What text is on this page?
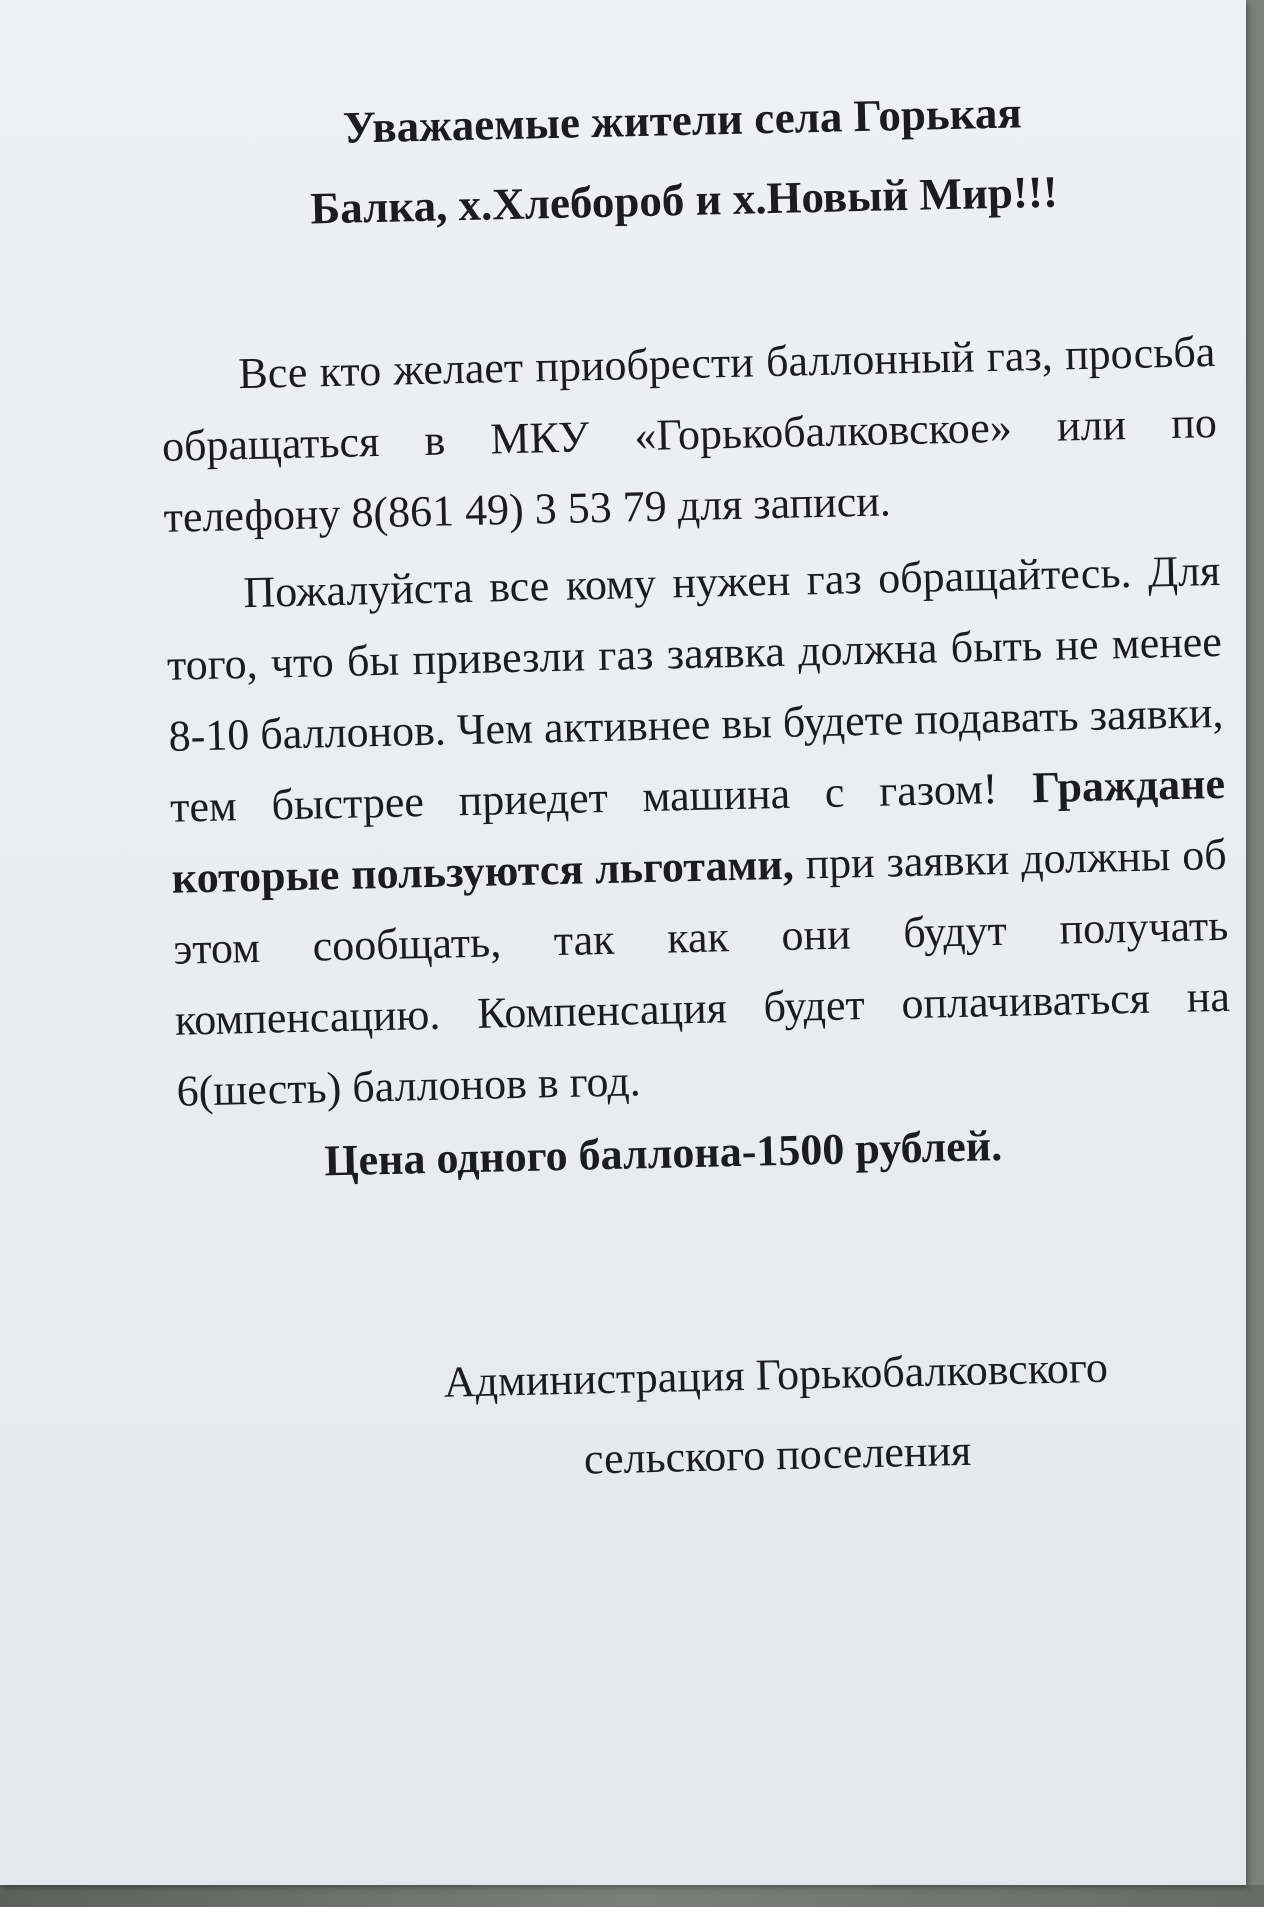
Уважаемые жители села Горькая
Балка, х.Хлебороб и х.Новый Мир!!!

Все кто желает приобрести баллонный газ, просьба обращаться в МКУ «Горькобалковское» или по телефону 8(861 49) 3 53 79 для записи.

Пожалуйста все кому нужен газ обращайтесь. Для того, что бы привезли газ заявка должна быть не менее 8-10 баллонов. Чем активнее вы будете подавать заявки, тем быстрее приедет машина с газом! Граждане которые пользуются льготами, при заявки должны об этом сообщать, так как они будут получать компенсацию. Компенсация будет оплачиваться на 6(шесть) баллонов в год.

Цена одного баллона-1500 рублей.

Администрация Горькобалковского
сельского поселения
